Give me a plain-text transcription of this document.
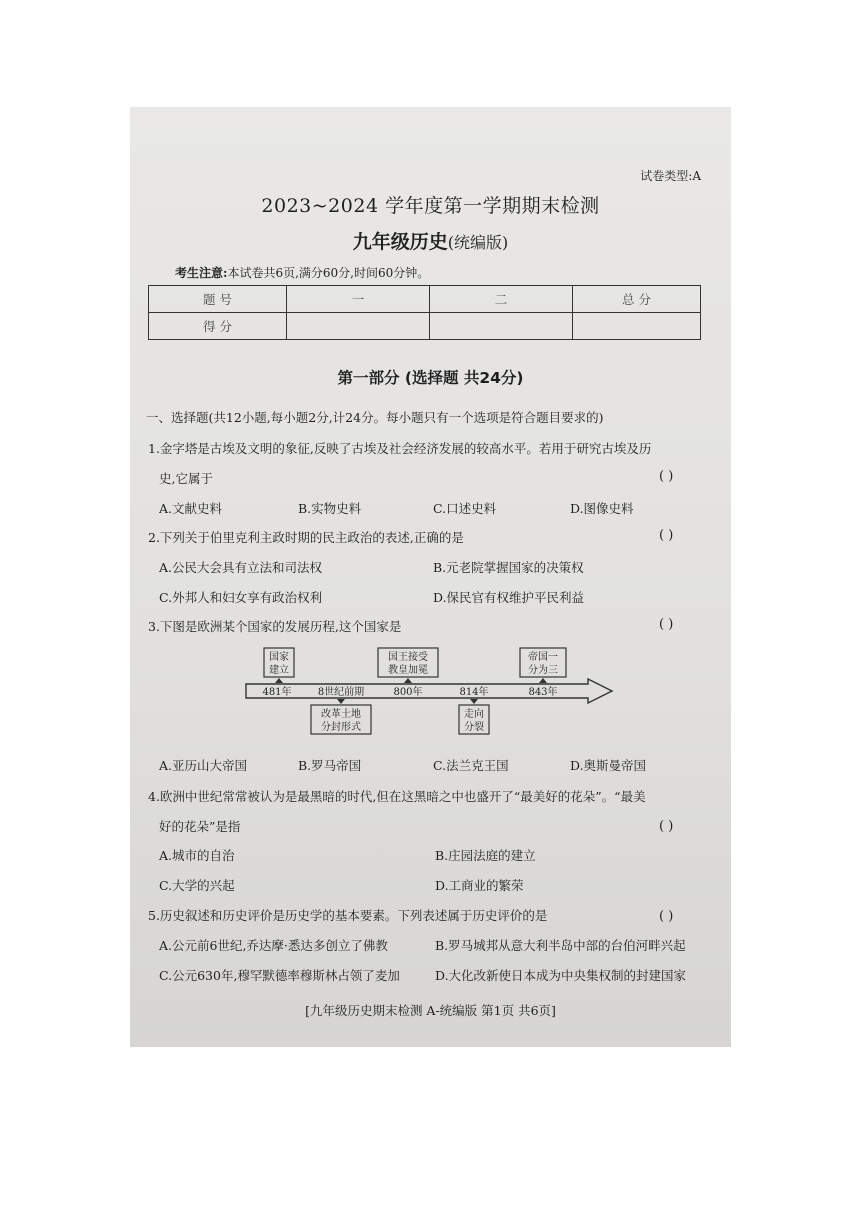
试卷类型:A
2023~2024 学年度第一学期期末检测
九年级历史(统编版)
考生注意:本试卷共6页,满分60分,时间60分钟。
题 号	一	二	总 分
得 分			
第一部分 (选择题 共24分)
一、选择题(共12小题,每小题2分,计24分。每小题只有一个选项是符合题目要求的)
1.金字塔是古埃及文明的象征,反映了古埃及社会经济发展的较高水平。若用于研究古埃及历
史,它属于	( )
A.文献史料	B.实物史料	C.口述史料	D.图像史料
2.下列关于伯里克利主政时期的民主政治的表述,正确的是	( )
A.公民大会具有立法和司法权	B.元老院掌握国家的决策权
C.外邦人和妇女享有政治权利	D.保民官有权维护平民利益
3.下图是欧洲某个国家的发展历程,这个国家是	( )
国家
建立
国王接受
教皇加冕
帝国一
分为三
481年	8世纪前期	800年	814年	843年
改革土地
分封形式
走向
分裂
A.亚历山大帝国	B.罗马帝国	C.法兰克王国	D.奥斯曼帝国
4.欧洲中世纪常常被认为是最黑暗的时代,但在这黑暗之中也盛开了“最美好的花朵”。“最美
好的花朵”是指	( )
A.城市的自治	B.庄园法庭的建立
C.大学的兴起	D.工商业的繁荣
5.历史叙述和历史评价是历史学的基本要素。下列表述属于历史评价的是	( )
A.公元前6世纪,乔达摩·悉达多创立了佛教	B.罗马城邦从意大利半岛中部的台伯河畔兴起
C.公元630年,穆罕默德率穆斯林占领了麦加	D.大化改新使日本成为中央集权制的封建国家
[九年级历史期末检测 A-统编版 第1页 共6页]
